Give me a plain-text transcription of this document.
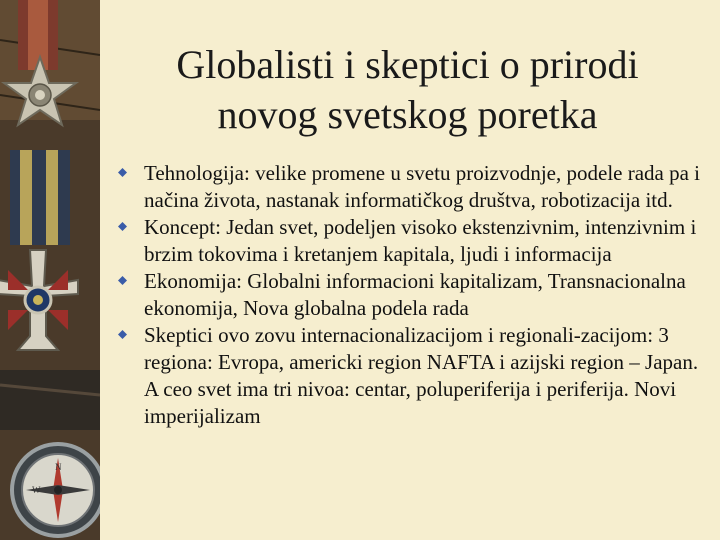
N
W
Globalisti i skeptici o prirodi
novog svetskog poretka
Tehnologija: velike promene u svetu proizvodnje, podele rada pa i načina života, nastanak informatičkog društva, robotizacija itd.
Koncept: Jedan svet, podeljen visoko ekstenzivnim, intenzivnim i brzim tokovima i kretanjem kapitala, ljudi i informacija
Ekonomija: Globalni informacioni kapitalizam, Transnacionalna ekonomija, Nova globalna podela rada
Skeptici ovo zovu internacionalizacijom i regionali-zacijom: 3 regiona: Evropa, americki region NAFTA i azijski region – Japan. A ceo svet ima tri nivoa: centar, poluperiferija i periferija. Novi imperijalizam
